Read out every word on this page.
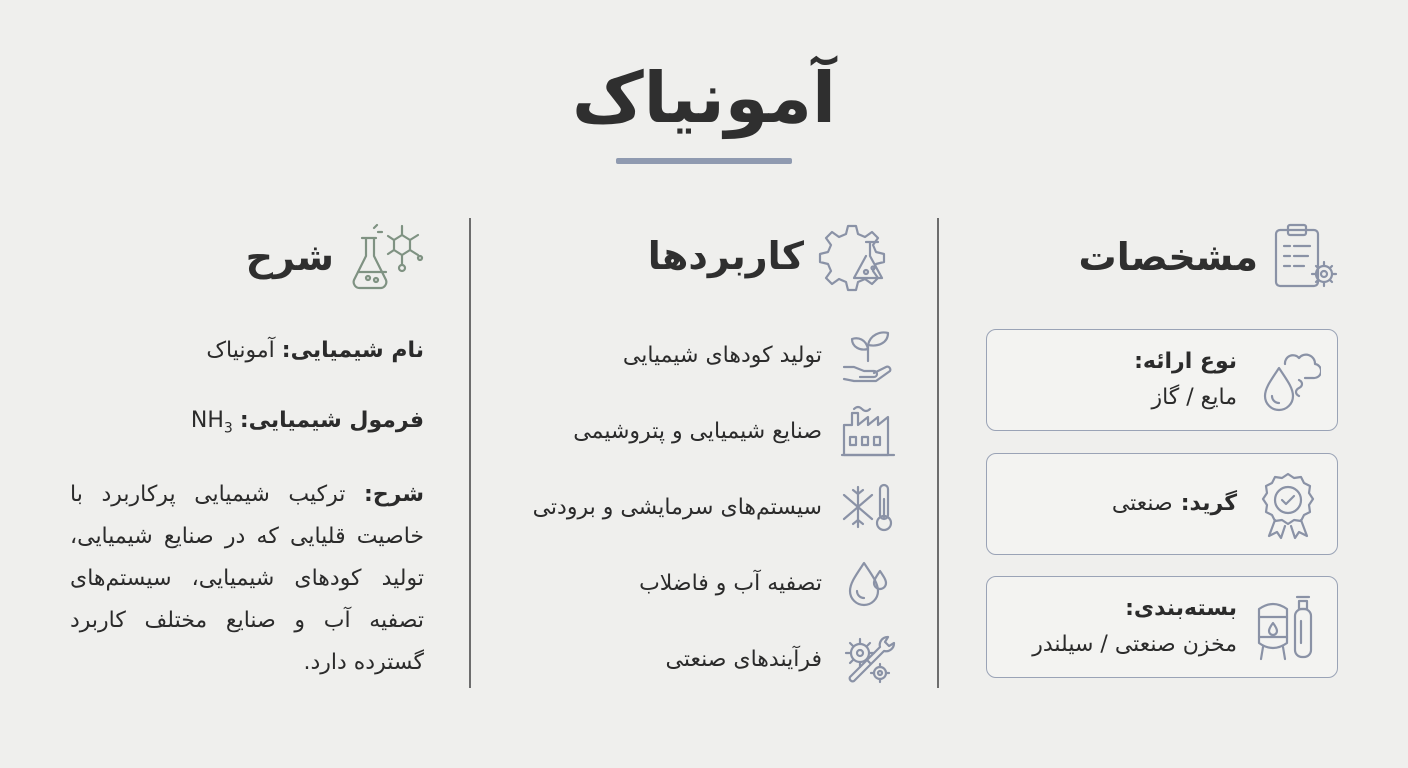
آمونیاک
مشخصات
نوع ارائه:
مایع / گاز
گرید:
صنعتی
بسته‌بندی:
مخزن صنعتی / سیلندر
کاربردها
تولید کودهای شیمیایی
صنایع شیمیایی و پتروشیمی
سیستم‌های سرمایشی و برودتی
تصفیه آب و فاضلاب
فرآیندهای صنعتی
شرح
نام شیمیایی: آمونیاک
فرمول شیمیایی: $NH_3$
شرح: ترکیب شیمیایی پرکاربرد با خاصیت قلیایی که در صنایع شیمیایی، تولید کودهای شیمیایی، سیستم‌های تصفیه آب و صنایع مختلف کاربرد گسترده دارد.
